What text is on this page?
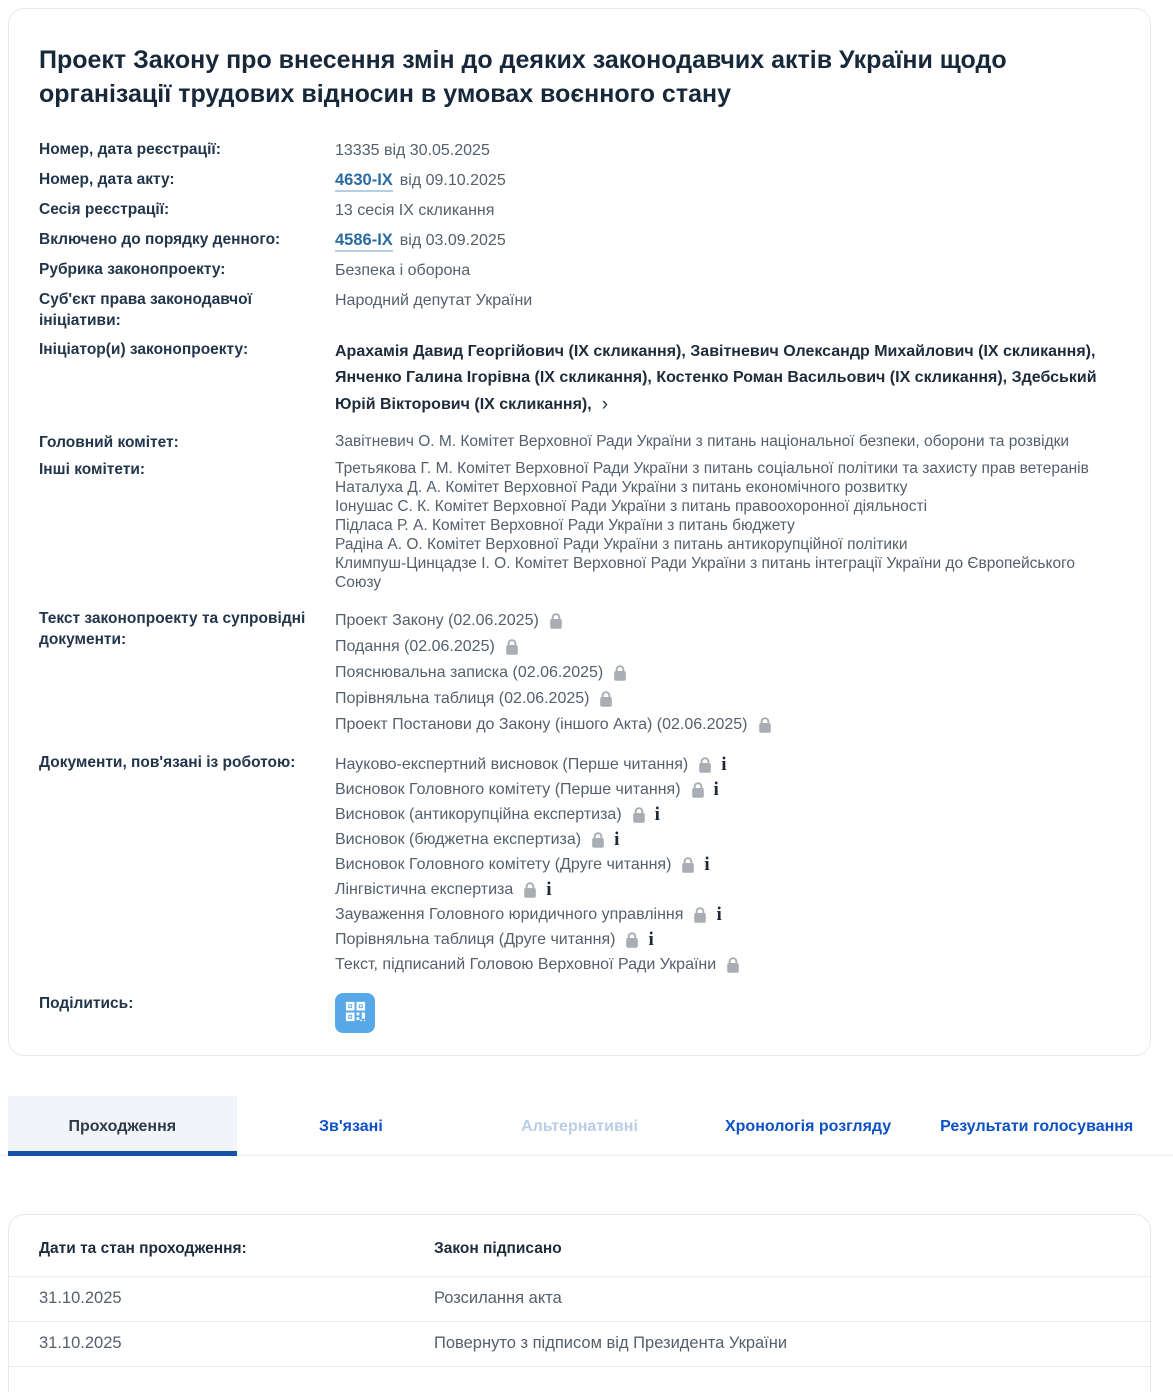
Проект Закону про внесення змін до деяких законодавчих актів України щодо організації трудових відносин в умовах воєнного стану
Номер, дата реєстрації:	13335 від 30.05.2025
Номер, дата акту:	4630-IX від 09.10.2025
Сесія реєстрації:	13 сесія IX скликання
Включено до порядку денного:	4586-IX від 03.09.2025
Рубрика законопроекту:	Безпека і оборона
Суб'єкт права законодавчої ініціативи:
Народний депутат України
Ініціатор(и) законопроекту:	Арахамія Давид Георгійович (IX скликання), Завітневич Олександр Михайлович (IX скликання), Янченко Галина Ігорівна (IX скликання), Костенко Роман Васильович (IX скликання), Здебський Юрій Вікторович (IX скликання), ›
Головний комітет:	Завітневич О. М. Комітет Верховної Ради України з питань національної безпеки, оборони та розвідки
Інші комітети:	Третьякова Г. М. Комітет Верховної Ради України з питань соціальної політики та захисту прав ветеранів
Наталуха Д. А. Комітет Верховної Ради України з питань економічного розвитку
Іонушас С. К. Комітет Верховної Ради України з питань правоохоронної діяльності
Підласа Р. А. Комітет Верховної Ради України з питань бюджету
Радіна А. О. Комітет Верховної Ради України з питань антикорупційної політики
Климпуш-Цинцадзе І. О. Комітет Верховної Ради України з питань інтеграції України до Європейського Союзу
Текст законопроекту та супровідні документи:
Проект Закону (02.06.2025)
Подання (02.06.2025)
Пояснювальна записка (02.06.2025)
Порівняльна таблиця (02.06.2025)
Проект Постанови до Закону (іншого Акта) (02.06.2025)
Документи, пов'язані із роботою:	Науково-експертний висновок (Перше читання) i
Висновок Головного комітету (Перше читання) i
Висновок (антикорупційна експертиза) i
Висновок (бюджетна експертиза) i
Висновок Головного комітету (Друге читання) i
Лінгвістична експертиза i
Зауваження Головного юридичного управління i
Порівняльна таблиця (Друге читання) i
Текст, підписаний Головою Верховної Ради України
Поділитись:
Проходження	Зв'язані	Альтернативні	Хронологія розгляду	Результати голосування
Дати та стан проходження:	Закон підписано
31.10.2025	Розсилання акта
31.10.2025	Повернуто з підписом від Президента України
